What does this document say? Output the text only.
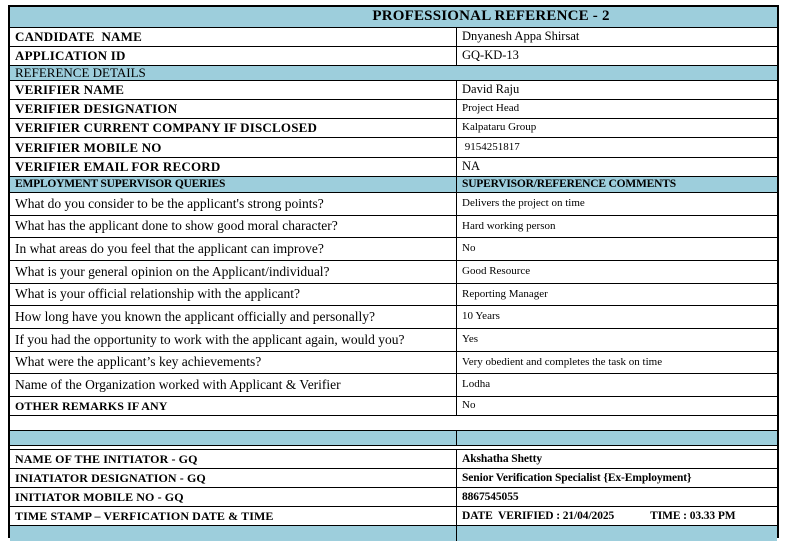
PROFESSIONAL REFERENCE - 2
CANDIDATE  NAME	Dnyanesh Appa Shirsat
APPLICATION ID	GQ-KD-13
REFERENCE DETAILS
VERIFIER NAME	David Raju
VERIFIER DESIGNATION	Project Head
VERIFIER CURRENT COMPANY IF DISCLOSED	Kalpataru Group
VERIFIER MOBILE NO	9154251817
VERIFIER EMAIL FOR RECORD	NA
EMPLOYMENT SUPERVISOR QUERIES	SUPERVISOR/REFERENCE COMMENTS
What do you consider to be the applicant's strong points?	Delivers the project on time
What has the applicant done to show good moral character?	Hard working person
In what areas do you feel that the applicant can improve?	No
What is your general opinion on the Applicant/individual?	Good Resource
What is your official relationship with the applicant?	Reporting Manager
How long have you known the applicant officially and personally?	10 Years
If you had the opportunity to work with the applicant again, would you?	Yes
What were the applicant’s key achievements?	Very obedient and completes the task on time
Name of the Organization worked with Applicant & Verifier	Lodha
OTHER REMARKS IF ANY	No
NAME OF THE INITIATOR - GQ	Akshatha Shetty
INIATIATOR DESIGNATION - GQ	Senior Verification Specialist {Ex-Employment}
INITIATOR MOBILE NO - GQ	8867545055
TIME STAMP – VERFICATION DATE & TIME	DATE  VERIFIED : 21/04/2025	TIME : 03.33 PM
